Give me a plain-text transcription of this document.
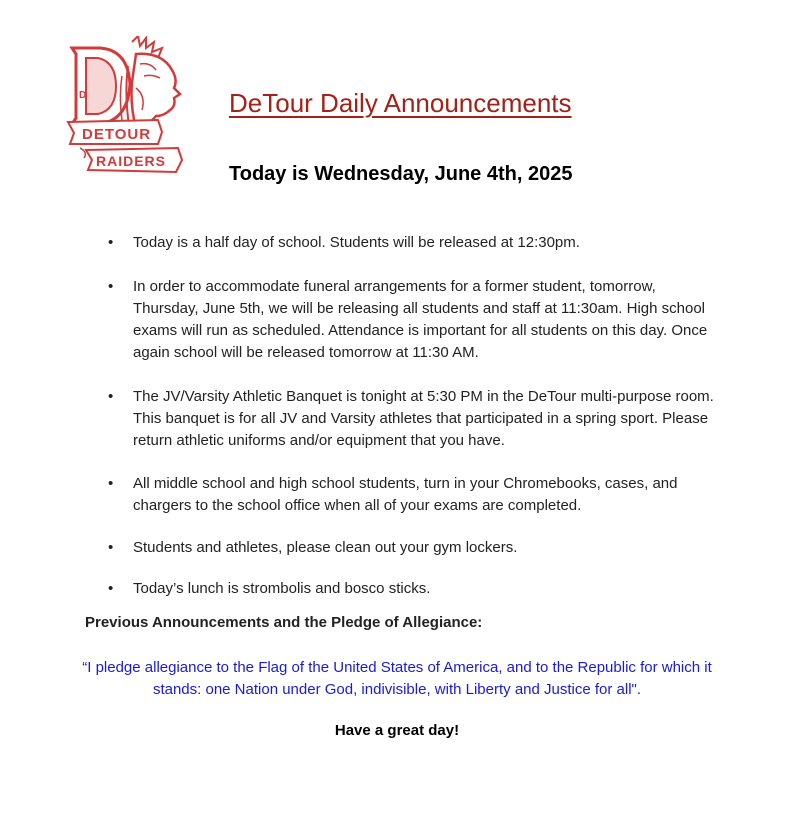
D
DETOUR
RAIDERS
DeTour Daily Announcements
Today is Wednesday, June 4th, 2025
• Today is a half day of school. Students will be released at 12:30pm.
• In order to accommodate funeral arrangements for a former student, tomorrow, Thursday, June 5th, we will be releasing all students and staff at 11:30am. High school exams will run as scheduled. Attendance is important for all students on this day. Once again school will be released tomorrow at 11:30 AM.
• The JV/Varsity Athletic Banquet is tonight at 5:30 PM in the DeTour multi-purpose room. This banquet is for all JV and Varsity athletes that participated in a spring sport. Please return athletic uniforms and/or equipment that you have.
• All middle school and high school students, turn in your Chromebooks, cases, and chargers to the school office when all of your exams are completed.
• Students and athletes, please clean out your gym lockers.
• Today’s lunch is strombolis and bosco sticks.
Previous Announcements and the Pledge of Allegiance:
“I pledge allegiance to the Flag of the United States of America, and to the Republic for which it stands: one Nation under God, indivisible, with Liberty and Justice for all".
Have a great day!
